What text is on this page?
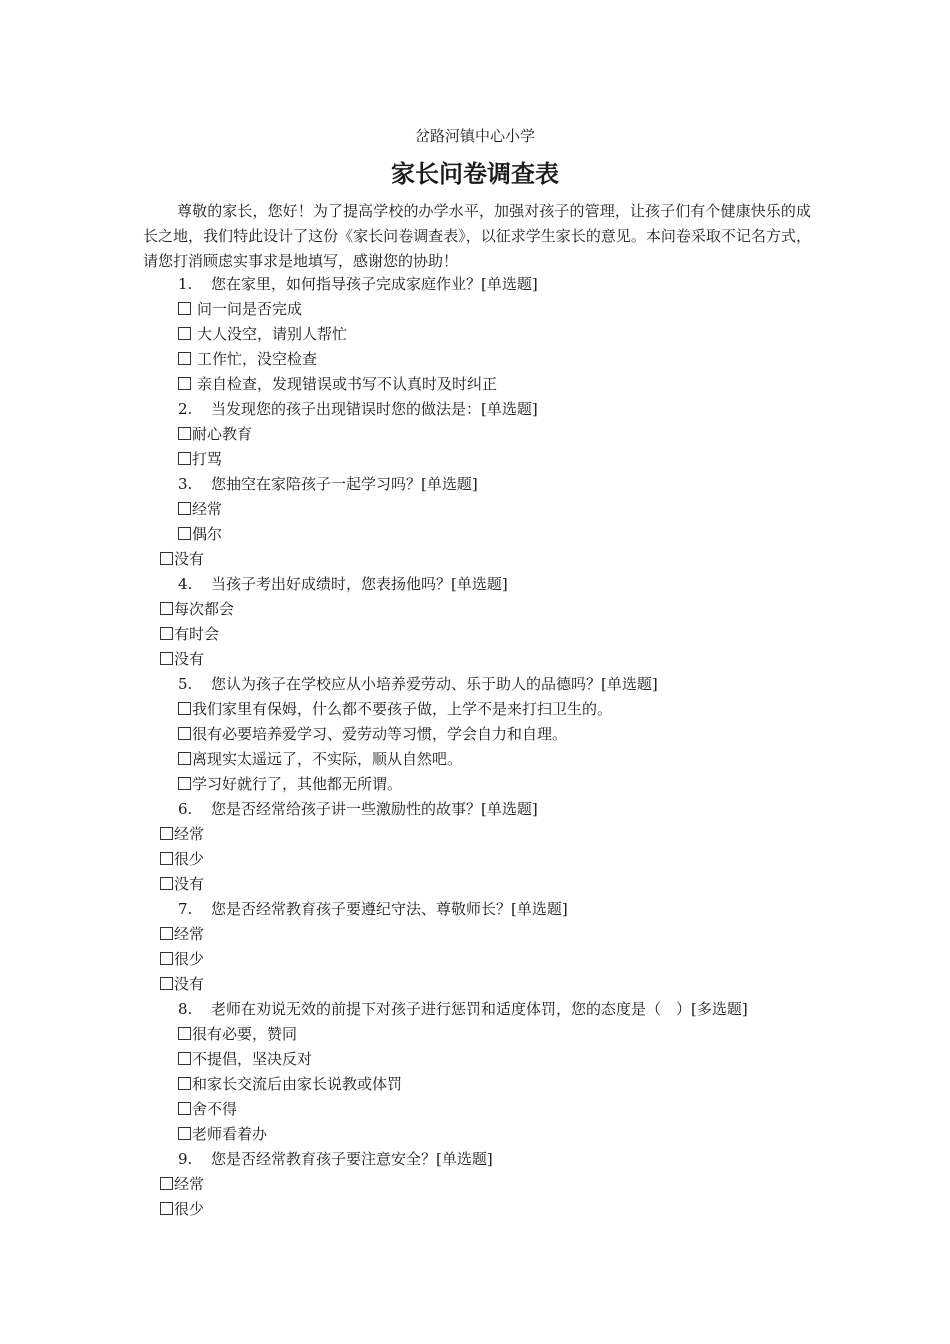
岔路河镇中心小学
家长问卷调查表

尊敬的家长，您好！为了提高学校的办学水平，加强对孩子的管理，让孩子们有个健康快乐的成长之地，我们特此设计了这份《家长问卷调查表》，以征求学生家长的意见。本问卷采取不记名方式，请您打消顾虑实事求是地填写，感谢您的协助！

1.	您在家里，如何指导孩子完成家庭作业？[单选题]
问一问是否完成
大人没空，请别人帮忙
工作忙，没空检查
亲自检查，发现错误或书写不认真时及时纠正
2.	当发现您的孩子出现错误时您的做法是：[单选题]
耐心教育
打骂
3.	您抽空在家陪孩子一起学习吗？[单选题]
经常
偶尔
没有
4.	当孩子考出好成绩时，您表扬他吗？[单选题]
每次都会
有时会
没有
5.	您认为孩子在学校应从小培养爱劳动、乐于助人的品德吗？[单选题]
我们家里有保姆，什么都不要孩子做，上学不是来打扫卫生的。
很有必要培养爱学习、爱劳动等习惯，学会自力和自理。
离现实太遥远了，不实际，顺从自然吧。
学习好就行了，其他都无所谓。
6.	您是否经常给孩子讲一些激励性的故事？[单选题]
经常
很少
没有
7.	您是否经常教育孩子要遵纪守法、尊敬师长？[单选题]
经常
很少
没有
8.	老师在劝说无效的前提下对孩子进行惩罚和适度体罚，您的态度是（　）[多选题]
很有必要，赞同
不提倡，坚决反对
和家长交流后由家长说教或体罚
舍不得
老师看着办
9.	您是否经常教育孩子要注意安全？[单选题]
经常
很少
